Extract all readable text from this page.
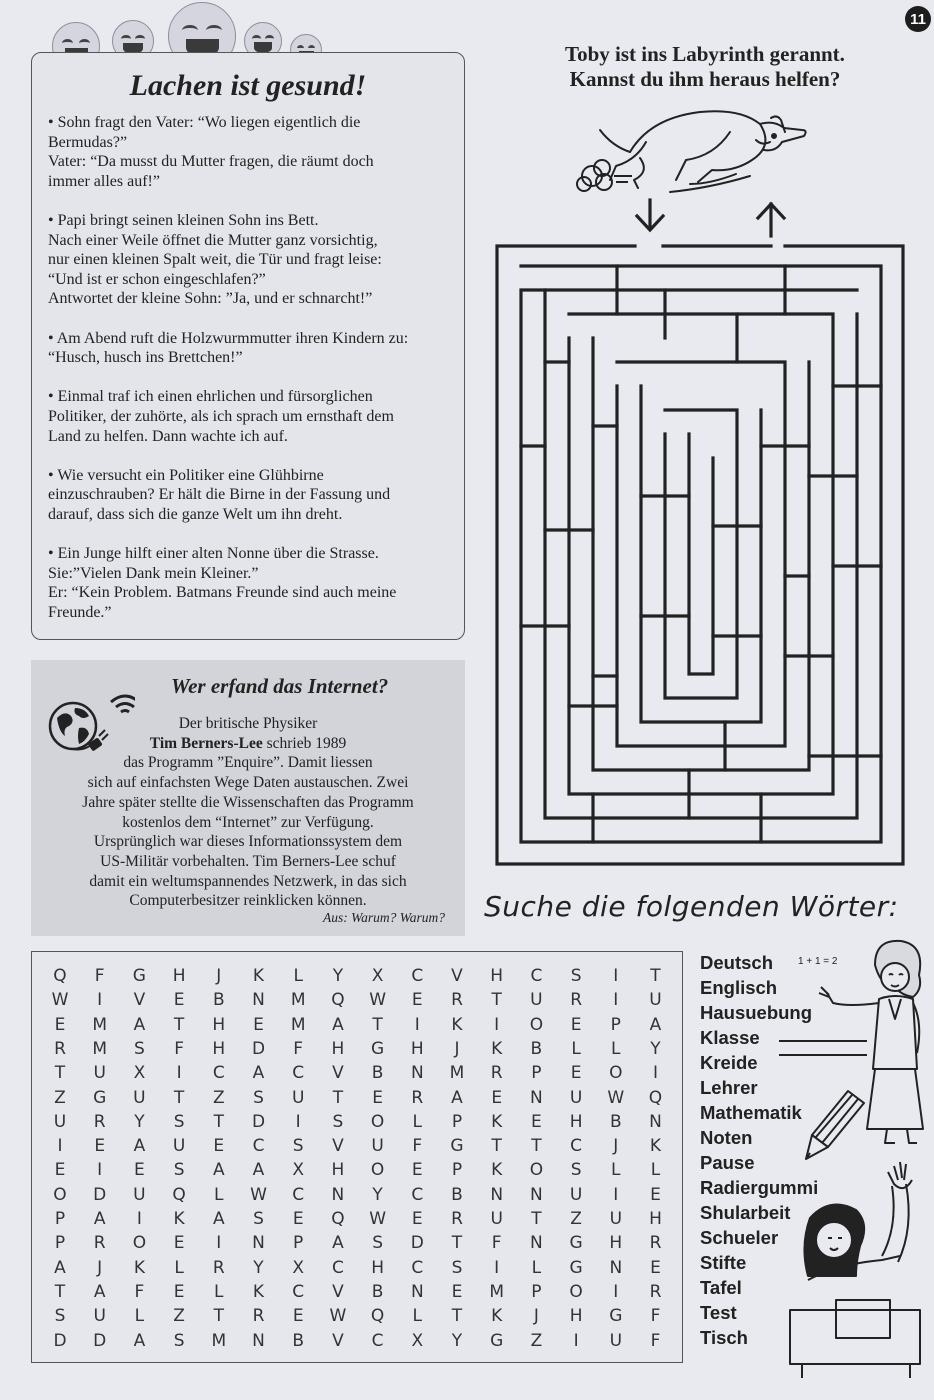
11
Lachen ist gesund!
• Sohn fragt den Vater: “Wo liegen eigentlich die
Bermudas?”
Vater: “Da musst du Mutter fragen, die räumt doch
immer alles auf!”
• Papi bringt seinen kleinen Sohn ins Bett.
Nach einer Weile öffnet die Mutter ganz vorsichtig,
nur einen kleinen Spalt weit, die Tür und fragt leise:
“Und ist er schon eingeschlafen?”
Antwortet der kleine Sohn: ”Ja, und er schnarcht!”
• Am Abend ruft die Holzwurmmutter ihren Kindern zu:
“Husch, husch ins Brettchen!”
• Einmal traf ich einen ehrlichen und fürsorglichen
Politiker, der zuhörte, als ich sprach um ernsthaft dem
Land zu helfen. Dann wachte ich auf.
• Wie versucht ein Politiker eine Glühbirne
einzuschrauben? Er hält die Birne in der Fassung und
darauf, dass sich die ganze Welt um ihn dreht.
• Ein Junge hilft einer alten Nonne über die Strasse.
Sie:”Vielen Dank mein Kleiner.”
Er: “Kein Problem. Batmans Freunde sind auch meine
Freunde.”
Wer erfand das Internet?
Der britische Physiker
Tim Berners-Lee schrieb 1989
das Programm ”Enquire”. Damit liessen
sich auf einfachsten Wege Daten austauschen. Zwei
Jahre später stellte die Wissenschaften das Programm
kostenlos dem “Internet” zur Verfügung.
Ursprünglich war dieses Informationssystem dem
US-Militär vorbehalten. Tim Berners-Lee schuf
damit ein weltumspannendes Netzwerk, in das sich
Computerbesitzer reinklicken können.
Aus: Warum? Warum?
Toby ist ins Labyrinth gerannt.
Kannst du ihm heraus helfen?
Suche die folgenden Wörter:
Q	F	G	H	J	K	L	Y	X	C	V	H	C	S	I	T
W	I	V	E	B	N	M	Q	W	E	R	T	U	R	I	U
E	M	A	T	H	E	M	A	T	I	K	I	O	E	P	A
R	M	S	F	H	D	F	H	G	H	J	K	B	L	L	Y
T	U	X	I	C	A	C	V	B	N	M	R	P	E	O	I
Z	G	U	T	Z	S	U	T	E	R	A	E	N	U	W	Q
U	R	Y	S	T	D	I	S	O	L	P	K	E	H	B	N
I	E	A	U	E	C	S	V	U	F	G	T	T	C	J	K
E	I	E	S	A	A	X	H	O	E	P	K	O	S	L	L
O	D	U	Q	L	W	C	N	Y	C	B	N	N	U	I	E
P	A	I	K	A	S	E	Q	W	E	R	U	T	Z	U	H
P	R	O	E	I	N	P	A	S	D	T	F	N	G	H	R
A	J	K	L	R	Y	X	C	H	C	S	I	L	G	N	E
T	A	F	E	L	K	C	V	B	N	E	M	P	O	I	R
S	U	L	Z	T	R	E	W	Q	L	T	K	J	H	G	F
D	D	A	S	M	N	B	V	C	X	Y	G	Z	I	U	F
Deutsch
Englisch
Hausuebung
Klasse
Kreide
Lehrer
Mathematik
Noten
Pause
Radiergummi
Shularbeit
Schueler
Stifte
Tafel
Test
Tisch
1 + 1 = 2
